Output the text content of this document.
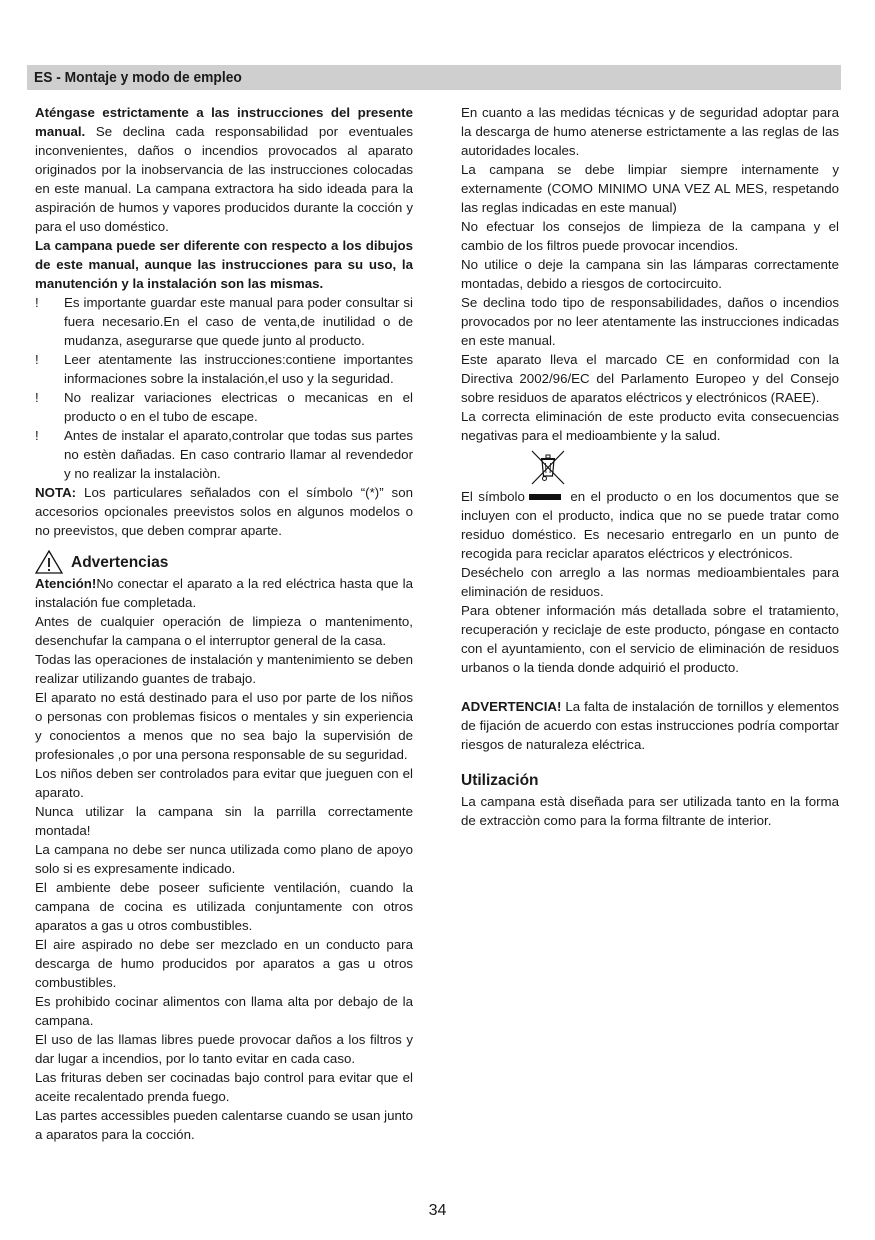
ES - Montaje y modo de empleo

Aténgase estrictamente a las instrucciones del presente manual. Se declina cada responsabilidad por eventuales inconvenientes, daños o incendios provocados al aparato originados por la inobservancia de las instrucciones colocadas en este manual. La campana extractora ha sido ideada para la aspiración de humos y vapores producidos durante la cocción y para el uso doméstico.

La campana puede ser diferente con respecto a los dibujos de este manual, aunque las instrucciones para su uso, la manutención y la instalación son las mismas.

! Es importante guardar este manual para poder consultar si fuera necesario.En el caso de venta,de inutilidad o de mudanza, asegurarse que quede junto al producto.
! Leer atentamente las instrucciones:contiene importantes informaciones sobre la instalación,el uso y la seguridad.
! No realizar variaciones electricas o mecanicas en el producto o en el tubo de escape.
! Antes de instalar el aparato,controlar que todas sus partes no estèn dañadas. En caso contrario llamar al revendedor y no realizar la instalaciòn.

NOTA: Los particulares señalados con el símbolo “(*)” son accesorios opcionales preevistos solos en algunos modelos o no preevistos, que deben comprar aparte.

Advertencias

Atención!No conectar el aparato a la red eléctrica hasta que la instalación fue completada.

Antes de cualquier operación de limpieza o mantenimento, desenchufar la campana o el interruptor general de la casa.

Todas las operaciones de instalación y mantenimiento se deben realizar utilizando guantes de trabajo.

El aparato no está destinado para el uso por parte de los niños o personas con problemas fisicos o mentales y sin experiencia y conocientos a menos que no sea bajo la supervisión de profesionales ,o por una persona responsable de su seguridad.

Los niños deben ser controlados para evitar que jueguen con el aparato.

Nunca utilizar la campana sin la parrilla correctamente montada!

La campana no debe ser nunca utilizada como plano de apoyo solo si es expresamente indicado.

El ambiente debe poseer suficiente ventilación, cuando la campana de cocina es utilizada conjuntamente con otros aparatos a gas u otros combustibles.

El aire aspirado no debe ser mezclado en un conducto para descarga de humo producidos por aparatos a gas u otros combustibles.

Es prohibido cocinar alimentos con llama alta por debajo de la campana.

El uso de las llamas libres puede provocar daños a los filtros y dar lugar a incendios, por lo tanto evitar en cada caso.

Las frituras deben ser cocinadas bajo control para evitar que el aceite recalentado prenda fuego.

Las partes accessibles pueden calentarse cuando se usan junto a aparatos para la cocción.

En cuanto a las medidas técnicas y de seguridad adoptar para la descarga de humo atenerse estrictamente a las reglas de las autoridades locales.

La campana se debe limpiar siempre internamente y externamente (COMO MINIMO UNA VEZ AL MES, respetando las reglas indicadas en este manual)

No efectuar los consejos de limpieza de la campana y el cambio de los filtros puede provocar incendios.

No utilice o deje la campana sin las lámparas correctamente montadas, debido a riesgos de cortocircuito.

Se declina todo tipo de responsabilidades, daños o incendios provocados por no leer atentamente las instrucciones indicadas en este manual.

Este aparato lleva el marcado CE en conformidad con la Directiva 2002/96/EC del Parlamento Europeo y del Consejo sobre residuos de aparatos eléctricos y electrónicos (RAEE).

La correcta eliminación de este producto evita consecuencias negativas para el medioambiente y la salud.

El símbolo	en el producto o en los documentos que se incluyen con el producto, indica que no se puede tratar como residuo doméstico. Es necesario entregarlo en un punto de recogida para reciclar aparatos eléctricos y electrónicos.

Deséchelo con arreglo a las normas medioambientales para eliminación de residuos.

Para obtener información más detallada sobre el tratamiento, recuperación y reciclaje de este producto, póngase en contacto con el ayuntamiento, con el servicio de eliminación de residuos urbanos o la tienda donde adquirió el producto.

ADVERTENCIA! La falta de instalación de tornillos y elementos de fijación de acuerdo con estas instrucciones podría comportar riesgos de naturaleza eléctrica.

Utilización

La campana està diseñada para ser utilizada tanto en la forma de extracciòn como para la forma filtrante de interior.

34
